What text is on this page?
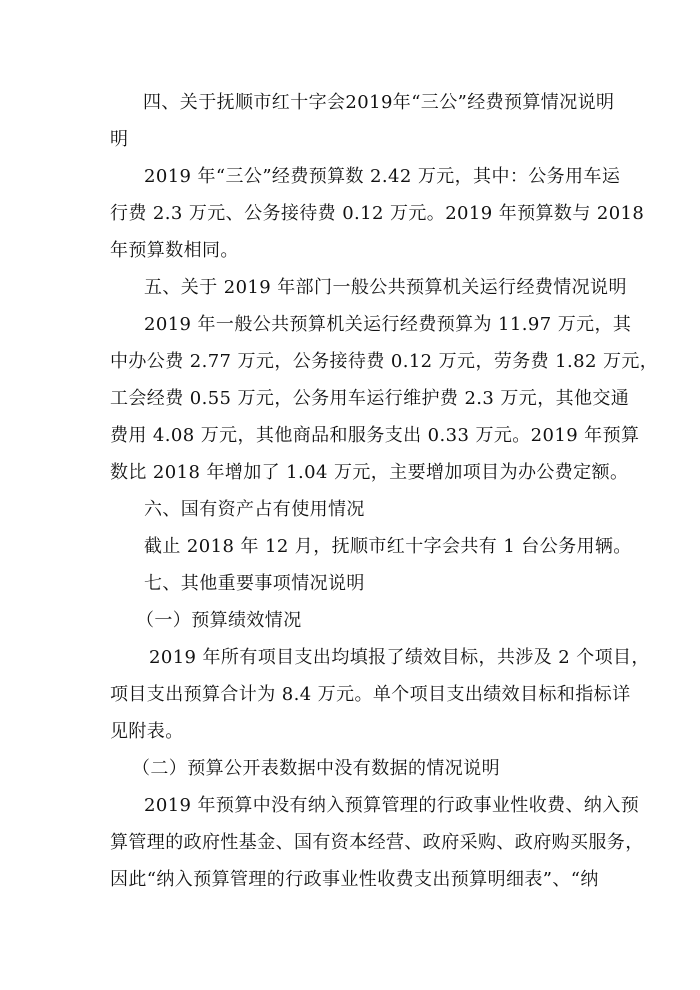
四、关于抚顺市红十字会2019年“三公”经费预算情况说明
明
2019 年“三公”经费预算数 2.42 万元，其中：公务用车运
行费 2.3 万元、公务接待费 0.12 万元。2019 年预算数与 2018
年预算数相同。
五、关于 2019 年部门一般公共预算机关运行经费情况说明
2019 年一般公共预算机关运行经费预算为 11.97 万元，其
中办公费 2.77 万元，公务接待费 0.12 万元，劳务费 1.82 万元，
工会经费 0.55 万元，公务用车运行维护费 2.3 万元，其他交通
费用 4.08 万元，其他商品和服务支出 0.33 万元。2019 年预算
数比 2018 年增加了 1.04 万元，主要增加项目为办公费定额。
六、国有资产占有使用情况
截止 2018 年 12 月，抚顺市红十字会共有 1 台公务用辆。
七、其他重要事项情况说明
（一）预算绩效情况
2019 年所有项目支出均填报了绩效目标，共涉及 2 个项目，
项目支出预算合计为 8.4 万元。单个项目支出绩效目标和指标详
见附表。
（二）预算公开表数据中没有数据的情况说明
2019 年预算中没有纳入预算管理的行政事业性收费、纳入预
算管理的政府性基金、国有资本经营、政府采购、政府购买服务，
因此“纳入预算管理的行政事业性收费支出预算明细表”、“纳
